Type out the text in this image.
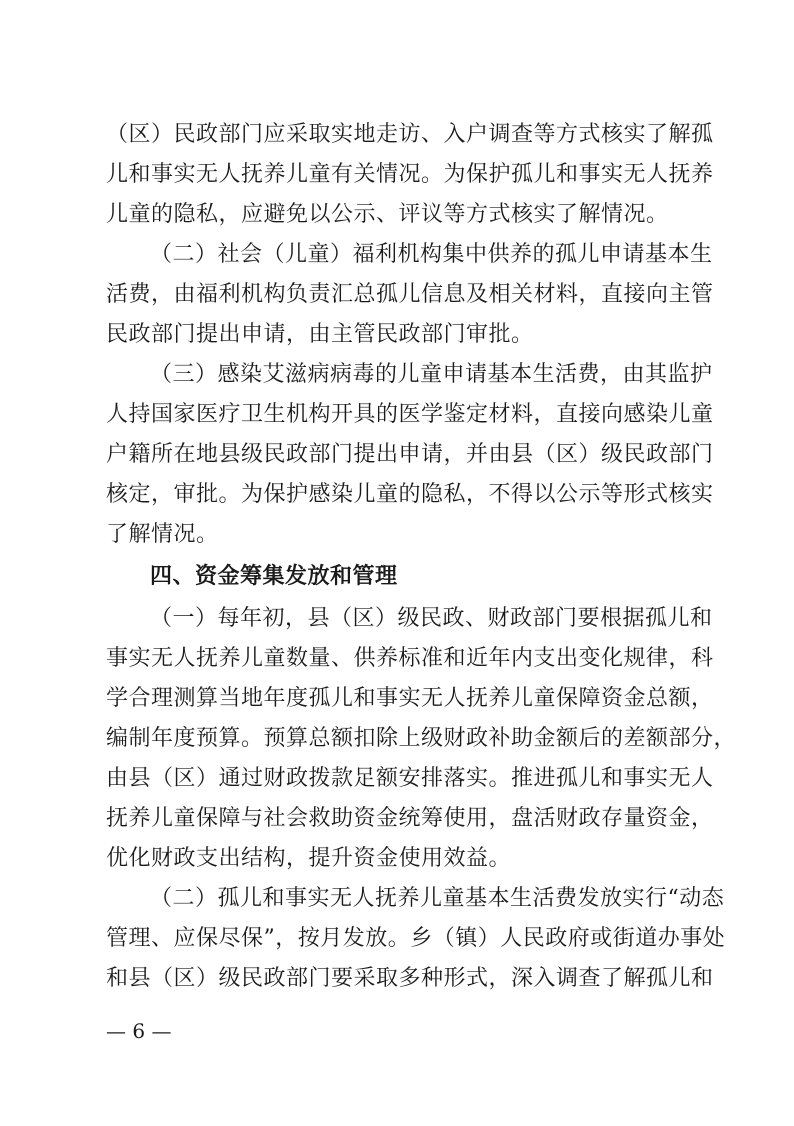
（区）民政部门应采取实地走访、入户调查等方式核实了解孤
儿和事实无人抚养儿童有关情况。为保护孤儿和事实无人抚养
儿童的隐私，应避免以公示、评议等方式核实了解情况。
（二）社会（儿童）福利机构集中供养的孤儿申请基本生
活费，由福利机构负责汇总孤儿信息及相关材料，直接向主管
民政部门提出申请，由主管民政部门审批。
（三）感染艾滋病病毒的儿童申请基本生活费，由其监护
人持国家医疗卫生机构开具的医学鉴定材料，直接向感染儿童
户籍所在地县级民政部门提出申请，并由县（区）级民政部门
核定，审批。为保护感染儿童的隐私，不得以公示等形式核实
了解情况。
四、资金筹集发放和管理
（一）每年初，县（区）级民政、财政部门要根据孤儿和
事实无人抚养儿童数量、供养标准和近年内支出变化规律，科
学合理测算当地年度孤儿和事实无人抚养儿童保障资金总额，
编制年度预算。预算总额扣除上级财政补助金额后的差额部分，
由县（区）通过财政拨款足额安排落实。推进孤儿和事实无人
抚养儿童保障与社会救助资金统筹使用，盘活财政存量资金，
优化财政支出结构，提升资金使用效益。
（二）孤儿和事实无人抚养儿童基本生活费发放实行“动态
管理、应保尽保”，按月发放。乡（镇）人民政府或街道办事处
和县（区）级民政部门要采取多种形式，深入调查了解孤儿和
— 6 —
